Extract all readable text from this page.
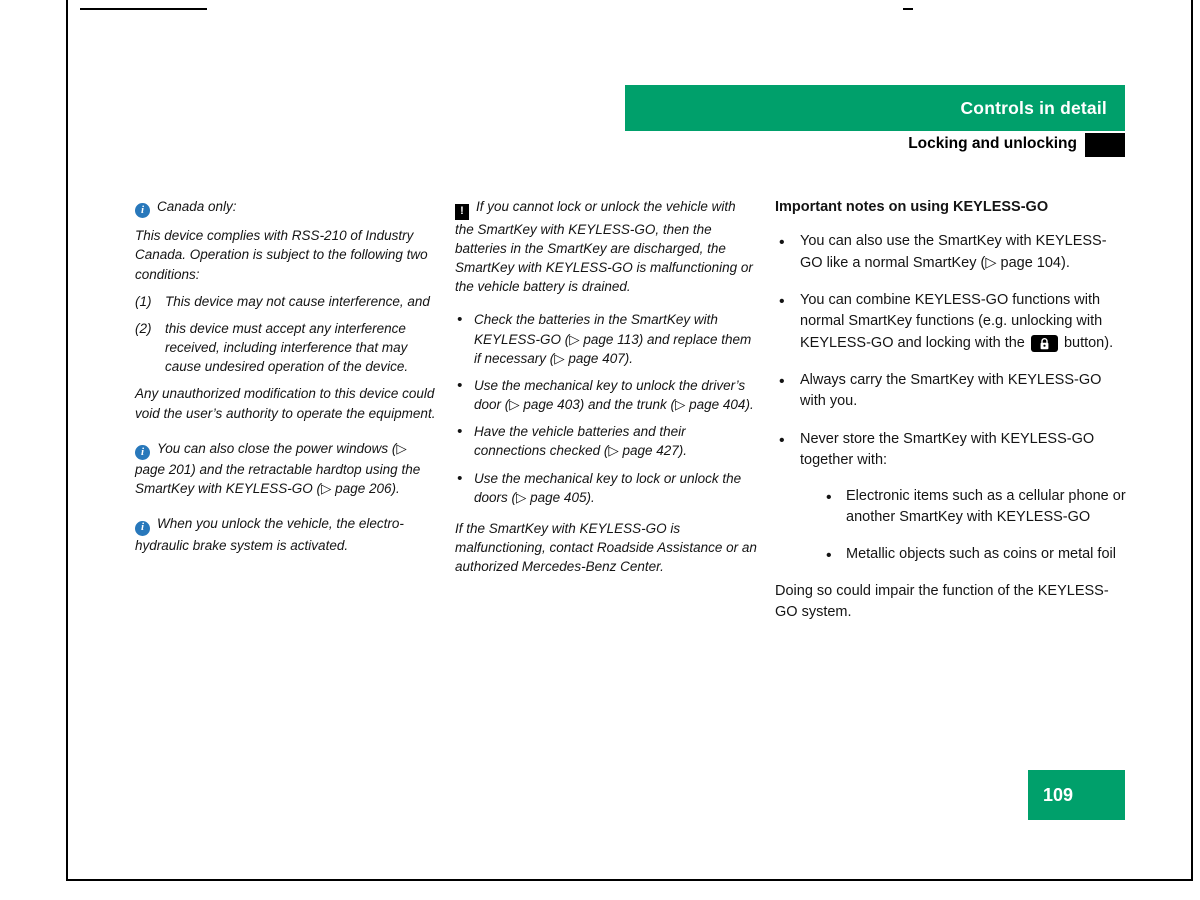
Controls in detail
Locking and unlocking

i Canada only:

This device complies with RSS-210 of Industry Canada. Operation is subject to the following two conditions:

(1)	This device may not cause interference, and
(2)	this device must accept any interference received, including interference that may cause undesired operation of the device.

Any unauthorized modification to this device could void the user’s authority to operate the equipment.

i You can also close the power windows (▷ page 201) and the retractable hardtop using the SmartKey with KEYLESS-GO (▷ page 206).

i When you unlock the vehicle, the electro-hydraulic brake system is activated.

! If you cannot lock or unlock the vehicle with the SmartKey with KEYLESS-GO, then the batteries in the SmartKey are discharged, the SmartKey with KEYLESS-GO is malfunctioning or the vehicle battery is drained.

• Check the batteries in the SmartKey with KEYLESS-GO (▷ page 113) and replace them if necessary (▷ page 407).
• Use the mechanical key to unlock the driver’s door (▷ page 403) and the trunk (▷ page 404).
• Have the vehicle batteries and their connections checked (▷ page 427).
• Use the mechanical key to lock or unlock the doors (▷ page 405).

If the SmartKey with KEYLESS-GO is malfunctioning, contact Roadside Assistance or an authorized Mercedes-Benz Center.

Important notes on using KEYLESS-GO

• You can also use the SmartKey with KEYLESS-GO like a normal SmartKey (▷ page 104).
• You can combine KEYLESS-GO functions with normal SmartKey functions (e.g. unlocking with KEYLESS-GO and locking with the	button).
• Always carry the SmartKey with KEYLESS-GO with you.
• Never store the SmartKey with KEYLESS-GO together with:
• Electronic items such as a cellular phone or another SmartKey with KEYLESS-GO
• Metallic objects such as coins or metal foil

Doing so could impair the function of the KEYLESS-GO system.

109
